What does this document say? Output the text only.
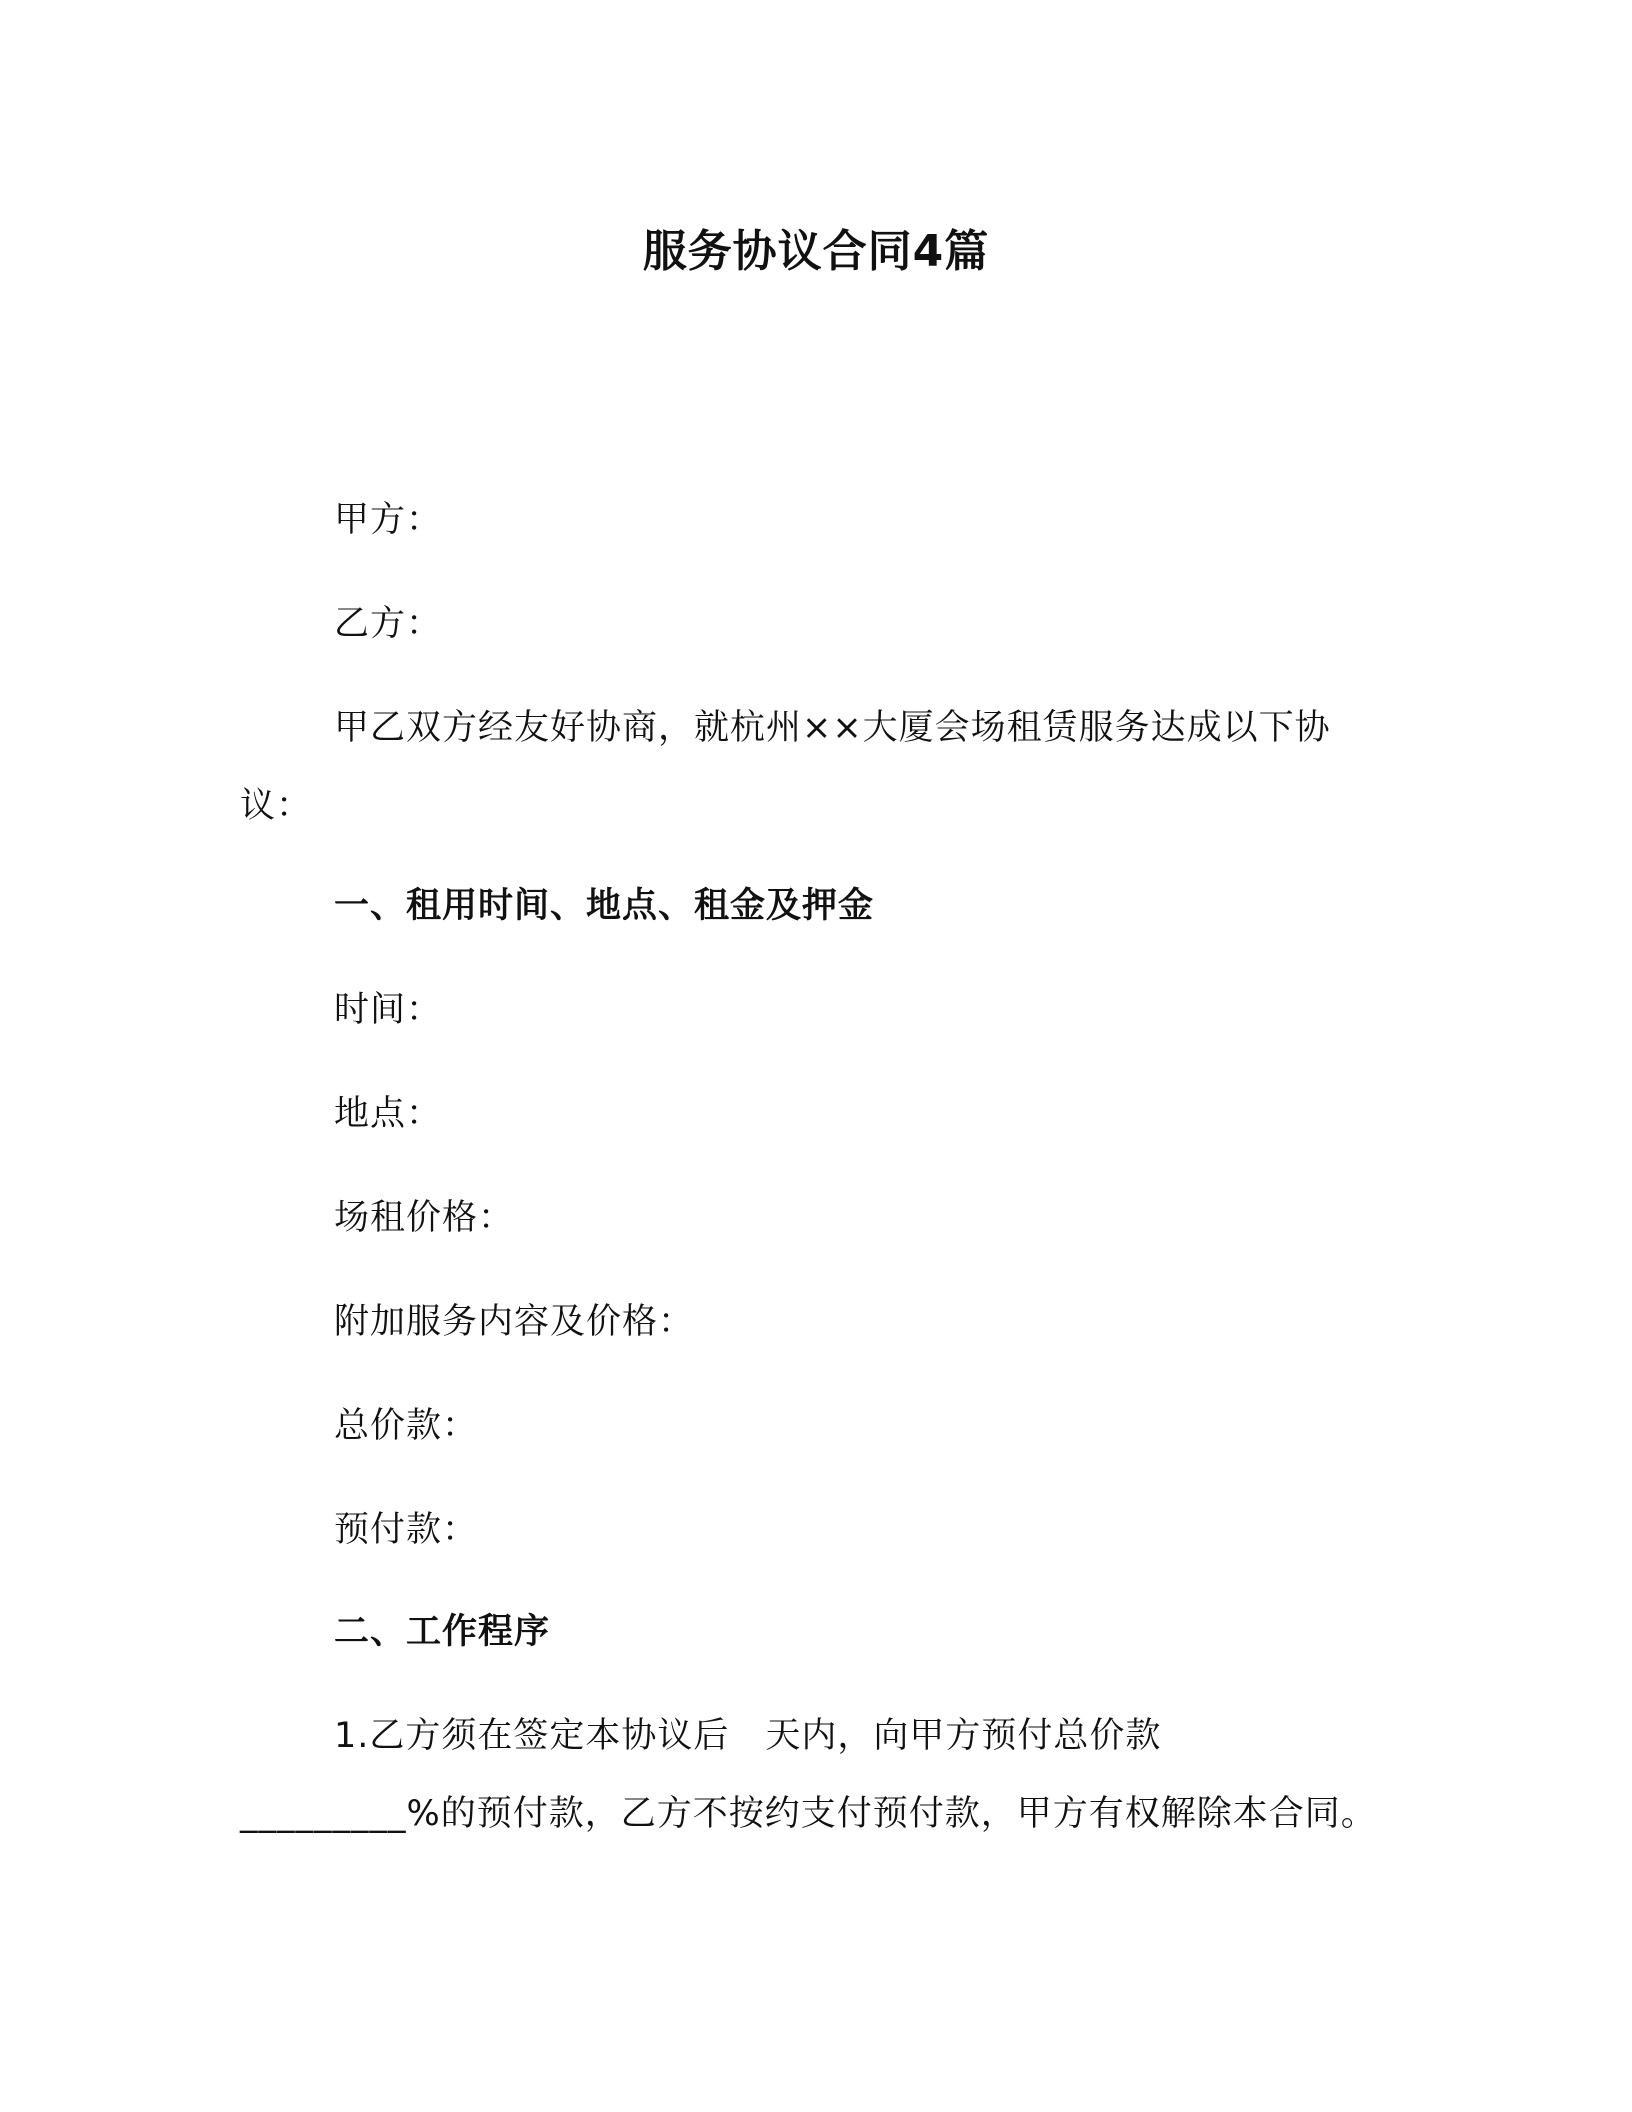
服务协议合同4篇
甲方：
乙方：
甲乙双方经友好协商，就杭州××大厦会场租赁服务达成以下协
议：
一、租用时间、地点、租金及押金
时间：
地点：
场租价格：
附加服务内容及价格：
总价款：
预付款：
二、工作程序
1.乙方须在签定本协议后　天内，向甲方预付总价款
_________%的预付款，乙方不按约支付预付款，甲方有权解除本合同。
